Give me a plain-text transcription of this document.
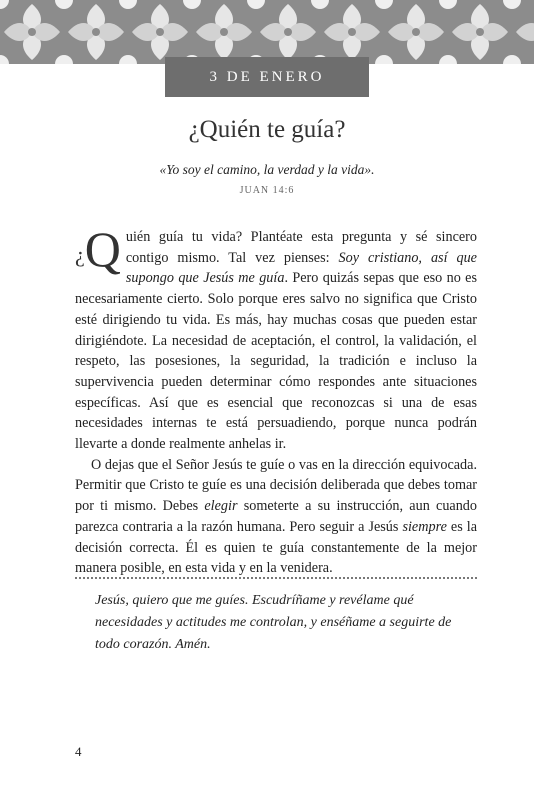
3 DE ENERO
¿Quién te guía?
«Yo soy el camino, la verdad y la vida».
JUAN 14:6

¿Q uién guía tu vida? Plantéate esta pregunta y sé sincero contigo mismo. Tal vez pienses: Soy cristiano, así que supongo que Jesús me guía. Pero quizás sepas que eso no es necesariamente cierto. Solo porque eres salvo no significa que Cristo esté dirigiendo tu vida. Es más, hay muchas cosas que pueden estar dirigiéndote. La necesidad de aceptación, el control, la validación, el respeto, las posesiones, la seguridad, la tradición e incluso la supervivencia pueden determinar cómo respondes ante situaciones específicas. Así que es esencial que reconozcas si una de esas necesidades internas te está persuadiendo, porque nunca podrán llevarte a donde realmente anhelas ir.

O dejas que el Señor Jesús te guíe o vas en la dirección equivocada. Permitir que Cristo te guíe es una decisión deliberada que debes tomar por ti mismo. Debes elegir someterte a su instrucción, aun cuando parezca contraria a la razón humana. Pero seguir a Jesús siempre es la decisión correcta. Él es quien te guía constantemente de la mejor manera posible, en esta vida y en la venidera.

Jesús, quiero que me guíes. Escudríñame y revélame qué necesidades y actitudes me controlan, y enséñame a seguirte de todo corazón. Amén.
4
